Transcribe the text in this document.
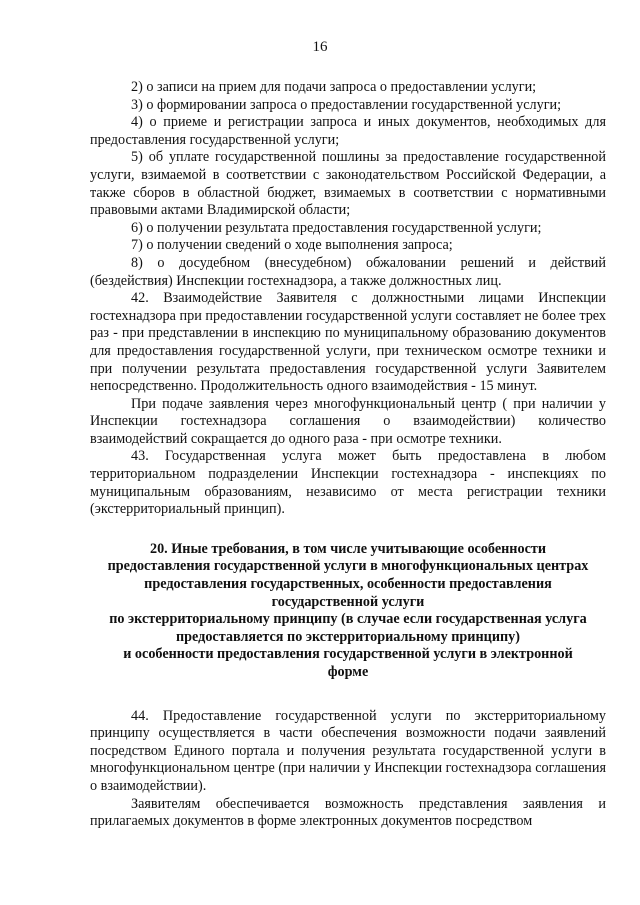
16

2) о записи на прием для подачи запроса о предоставлении услуги;

3) о формировании запроса о предоставлении государственной услуги;

4) о приеме и регистрации запроса и иных документов, необходимых для предоставления государственной услуги;

5) об уплате государственной пошлины за предоставление государственной услуги, взимаемой в соответствии с законодательством Российской Федерации, а также сборов в областной бюджет, взимаемых в соответствии с нормативными правовыми актами Владимирской области;

6) о получении результата предоставления государственной услуги;

7) о получении сведений о ходе выполнения запроса;

8) о досудебном (внесудебном) обжаловании решений и действий (бездействия) Инспекции гостехнадзора, а также должностных лиц.

42. Взаимодействие Заявителя с должностными лицами Инспекции гостехнадзора при предоставлении государственной услуги составляет не более трех раз - при представлении в инспекцию по муниципальному образованию документов для предоставления государственной услуги, при техническом осмотре техники и при получении результата предоставления государственной услуги Заявителем непосредственно. Продолжительность одного взаимодействия - 15 минут.

При подаче заявления через многофункциональный центр ( при наличии у Инспекции гостехнадзора соглашения о взаимодействии) количество взаимодействий сокращается до одного раза - при осмотре техники.

43. Государственная услуга может быть предоставлена в любом территориальном подразделении Инспекции гостехнадзора - инспекциях по муниципальным образованиям, независимо от места регистрации техники (экстерриториальный принцип).

20. Иные требования, в том числе учитывающие особенности
предоставления государственной услуги в многофункциональных центрах
предоставления государственных, особенности предоставления
государственной услуги
по экстерриториальному принципу (в случае если государственная услуга
предоставляется по экстерриториальному принципу)
и особенности предоставления государственной услуги в электронной
форме

44. Предоставление государственной услуги по экстерриториальному принципу осуществляется в части обеспечения возможности подачи заявлений посредством Единого портала и получения результата государственной услуги в многофункциональном центре (при наличии у Инспекции гостехнадзора соглашения о взаимодействии).

Заявителям обеспечивается возможность представления заявления и прилагаемых документов в форме электронных документов посредством
